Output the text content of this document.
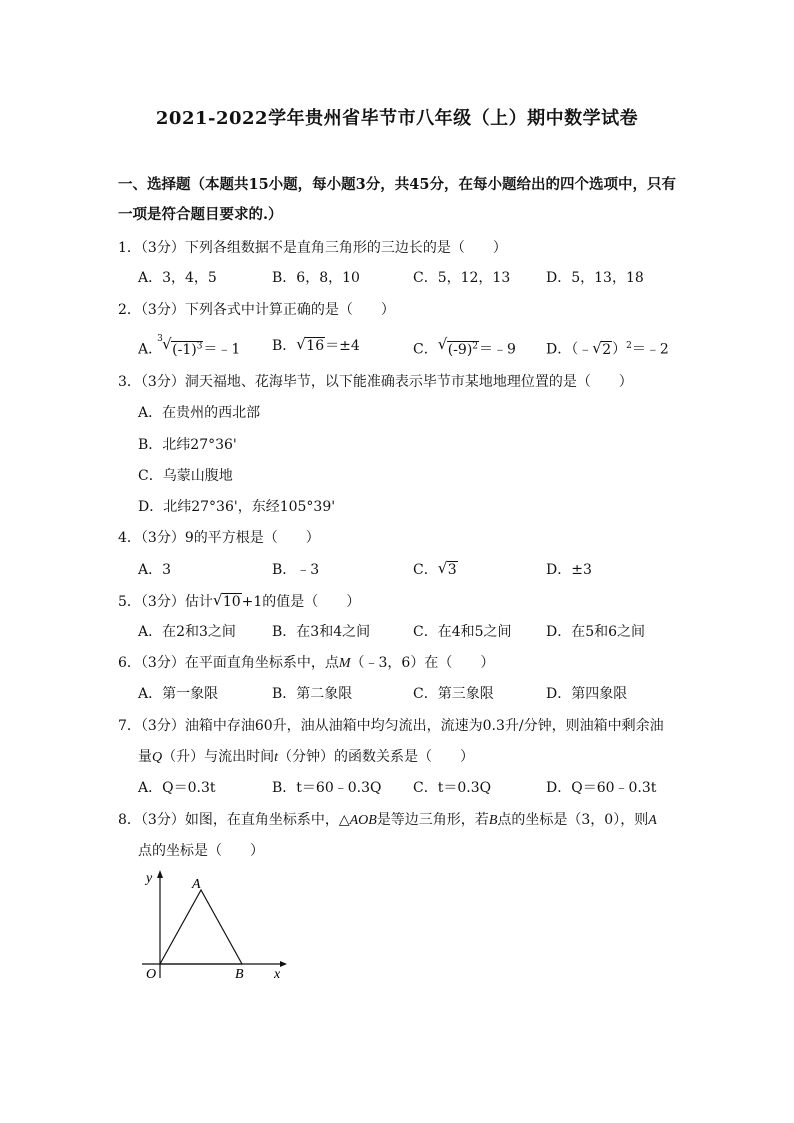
2021-2022学年贵州省毕节市八年级（上）期中数学试卷
一、选择题（本题共15小题，每小题3分，共45分，在每小题给出的四个选项中，只有一项是符合题目要求的.）
1．（3分）下列各组数据不是直角三角形的三边长的是（　　）
A．3，4，5	B．6，8，10	C．5，12，13	D．5，13，18
2．（3分）下列各式中计算正确的是（　　）
A．
3 √ $(-1)^3=﹣1$ B． √ 16＝±4	C． √ $(-9)^2=﹣9$ D．（﹣ √ 2）$^2$＝﹣2
3．（3分）洞天福地、花海毕节，以下能准确表示毕节市某地地理位置的是（　　）
A．在贵州的西北部
B．北纬27°36'
C．乌蒙山腹地
D．北纬27°36'，东经105°39'
4．（3分）9的平方根是（　　）
A．3	B．﹣3	C． √ 3	D．±3
5．（3分）估计 √ 10+1的值是（　　）
A．在2和3之间	B．在3和4之间	C．在4和5之间 D．在5和6之间
6．（3分）在平面直角坐标系中，点M（﹣3，6）在（　　）
A．第一象限	B．第二象限	C．第三象限	D．第四象限
7．（3分）油箱中存油60升，油从油箱中均匀流出，流速为0.3升/分钟，则油箱中剩余油
量Q（升）与流出时间t（分钟）的函数关系是（　　）
A．Q＝0.3t	B．t＝60﹣0.3Q C．t＝0.3Q	D．Q＝60﹣0.3t
8．（3分）如图，在直角坐标系中，△AOB是等边三角形，若B点的坐标是（3，0），则A
点的坐标是（　　）
y
x
A
O	B
